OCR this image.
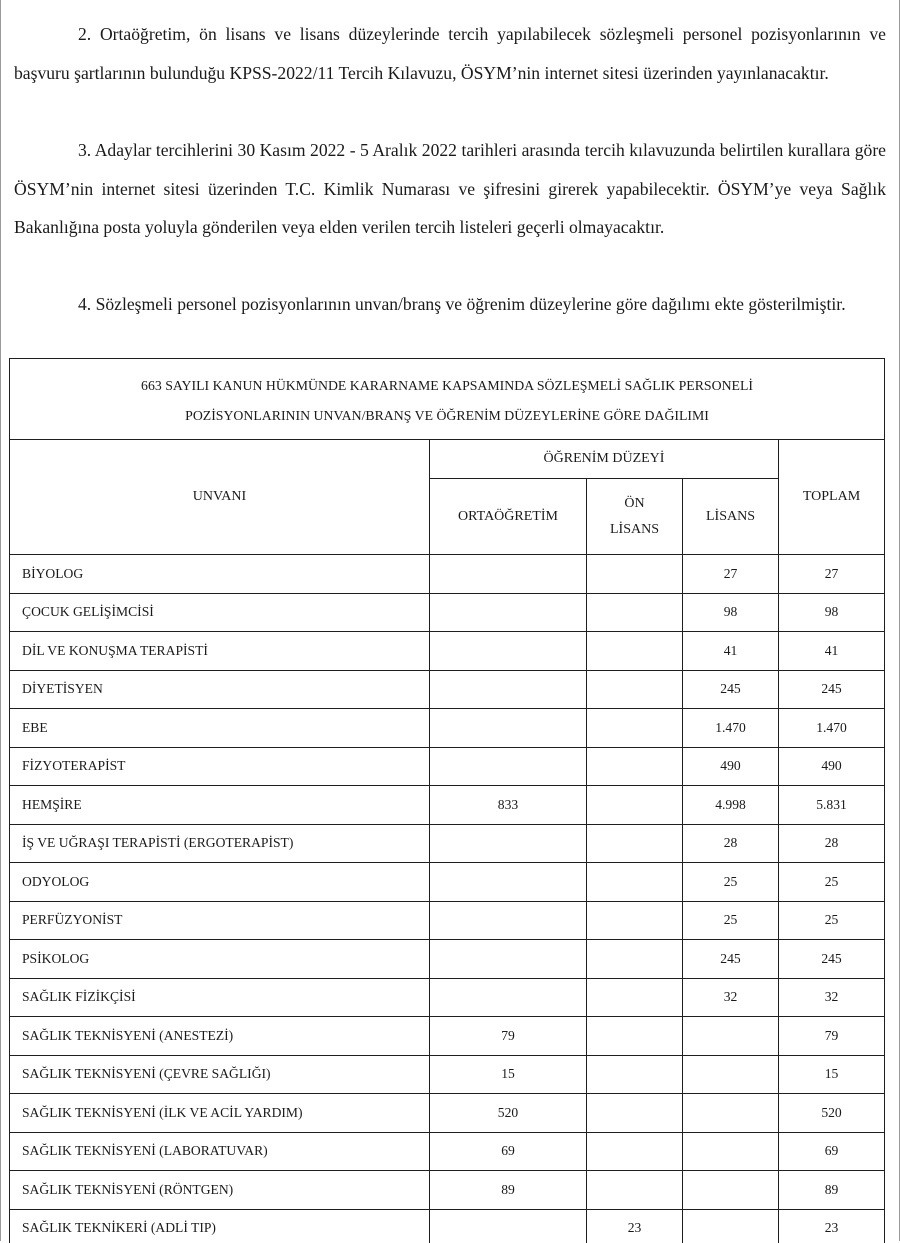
2. Ortaöğretim, ön lisans ve lisans düzeylerinde tercih yapılabilecek sözleşmeli personel pozisyonlarının ve başvuru şartlarının bulunduğu KPSS-2022/11 Tercih Kılavuzu, ÖSYM’nin internet sitesi üzerinden yayınlanacaktır.

3. Adaylar tercihlerini 30 Kasım 2022 - 5 Aralık 2022 tarihleri arasında tercih kılavuzunda belirtilen kurallara göre ÖSYM’nin internet sitesi üzerinden T.C. Kimlik Numarası ve şifresini girerek yapabilecektir. ÖSYM’ye veya Sağlık Bakanlığına posta yoluyla gönderilen veya elden verilen tercih listeleri geçerli olmayacaktır.

4. Sözleşmeli personel pozisyonlarının unvan/branş ve öğrenim düzeylerine göre dağılımı ekte gösterilmiştir.

663 SAYILI KANUN HÜKMÜNDE KARARNAME KAPSAMINDA SÖZLEŞMELİ SAĞLIK PERSONELİ
POZİSYONLARININ UNVAN/BRANŞ VE ÖĞRENİM DÜZEYLERİNE GÖRE DAĞILIMI				

UNVANI	ÖĞRENİM DÜZEYİ			TOPLAM
	ORTAÖĞRETİM	ÖN
LİSANS	LİSANS	
BİYOLOG			27	27
ÇOCUK GELİŞİMCİSİ			98	98
DİL VE KONUŞMA TERAPİSTİ			41	41
DİYETİSYEN			245	245
EBE			1.470	1.470
FİZYOTERAPİST			490	490
HEMŞİRE	833		4.998	5.831
İŞ VE UĞRAŞI TERAPİSTİ (ERGOTERAPİST)			28	28
ODYOLOG			25	25
PERFÜZYONİST			25	25
PSİKOLOG			245	245
SAĞLIK FİZİKÇİSİ			32	32
SAĞLIK TEKNİSYENİ (ANESTEZİ)	79			79
SAĞLIK TEKNİSYENİ (ÇEVRE SAĞLIĞI)	15			15
SAĞLIK TEKNİSYENİ (İLK VE ACİL YARDIM)	520			520
SAĞLIK TEKNİSYENİ (LABORATUVAR)	69			69
SAĞLIK TEKNİSYENİ (RÖNTGEN)	89			89
SAĞLIK TEKNİKERİ (ADLİ TIP)		23		23
